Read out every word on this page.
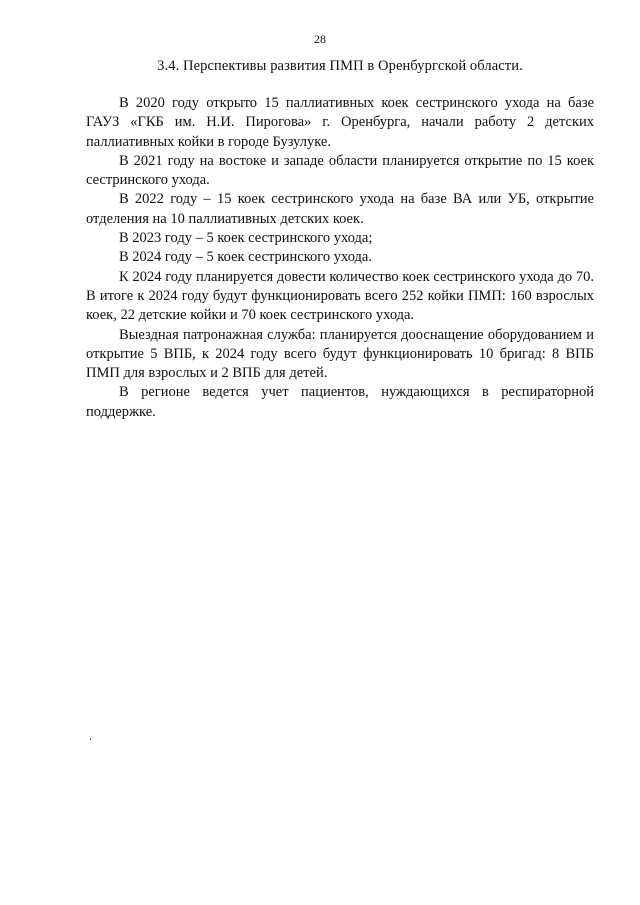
28
3.4. Перспективы развития ПМП в Оренбургской области.

В 2020 году открыто 15 паллиативных коек сестринского ухода на базе ГАУЗ «ГКБ им. Н.И. Пирогова» г. Оренбурга, начали работу 2 детских паллиативных койки в городе Бузулуке.

В 2021 году на востоке и западе области планируется открытие по 15 коек сестринского ухода.

В 2022 году – 15 коек сестринского ухода на базе ВА или УБ, открытие отделения на 10 паллиативных детских коек.

В 2023 году – 5 коек сестринского ухода;

В 2024 году – 5 коек сестринского ухода.

К 2024 году планируется довести количество коек сестринского ухода до 70. В итоге к 2024 году будут функционировать всего 252 койки ПМП: 160 взрослых коек, 22 детские койки и 70 коек сестринского ухода.

Выездная патронажная служба: планируется дооснащение оборудованием и открытие 5 ВПБ, к 2024 году всего будут функционировать 10 бригад: 8 ВПБ ПМП для взрослых и 2 ВПБ для детей.

В регионе ведется учет пациентов, нуждающихся в респираторной поддержке.
